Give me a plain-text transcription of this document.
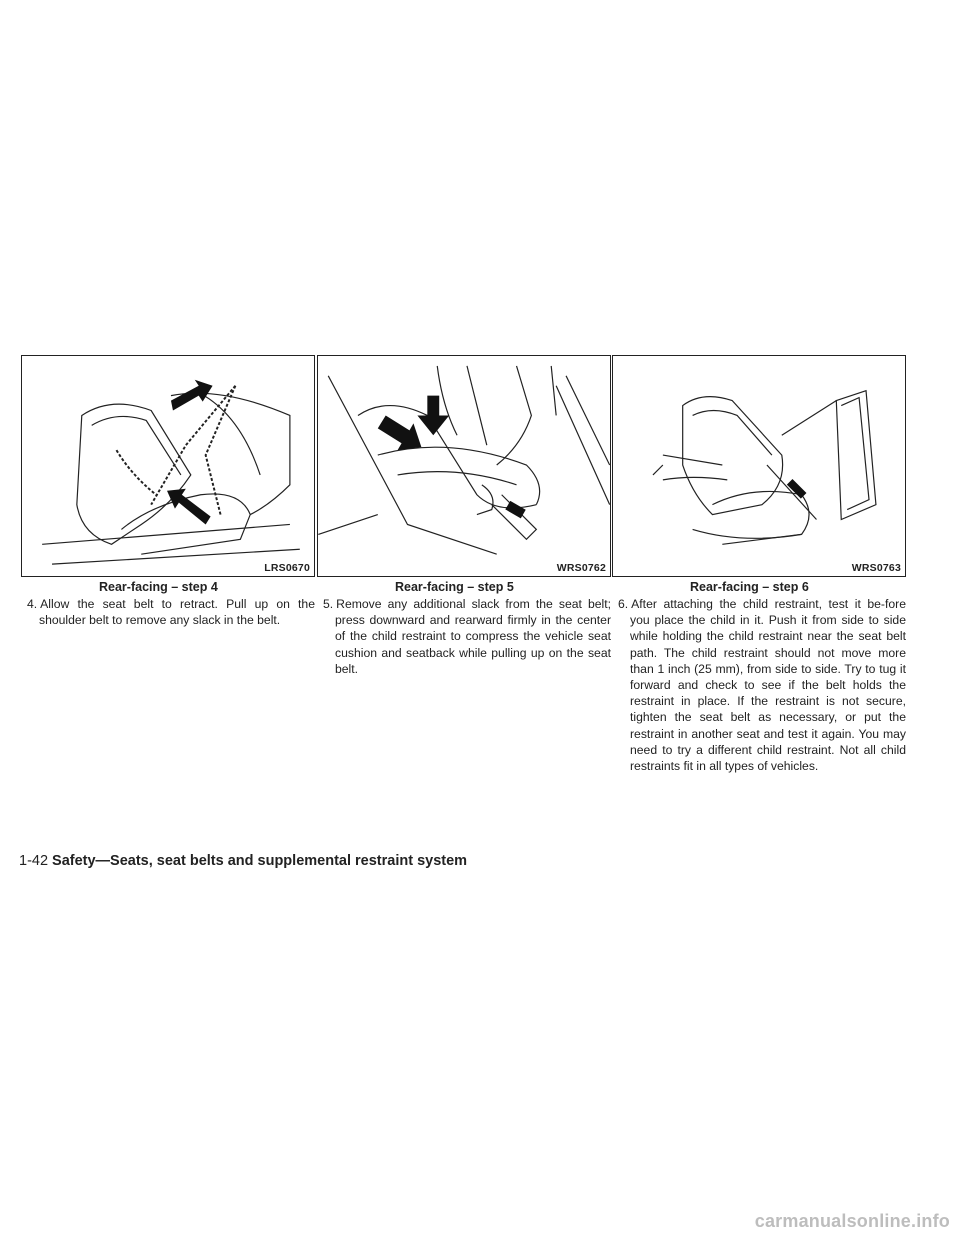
LRS0670
Rear-facing – step 4
4. Allow the seat belt to retract. Pull up on the shoulder belt to remove any slack in the belt.
WRS0762
Rear-facing – step 5
5. Remove any additional slack from the seat belt; press downward and rearward firmly in the center of the child restraint to compress the vehicle seat cushion and seatback while pulling up on the seat belt.
WRS0763
Rear-facing – step 6
6. After attaching the child restraint, test it be-fore you place the child in it. Push it from side to side while holding the child restraint near the seat belt path. The child restraint should not move more than 1 inch (25 mm), from side to side. Try to tug it forward and check to see if the belt holds the restraint in place. If the restraint is not secure, tighten the seat belt as necessary, or put the restraint in another seat and test it again. You may need to try a different child restraint. Not all child restraints fit in all types of vehicles.
1-42 Safety—Seats, seat belts and supplemental restraint system
carmanualsonline.info
